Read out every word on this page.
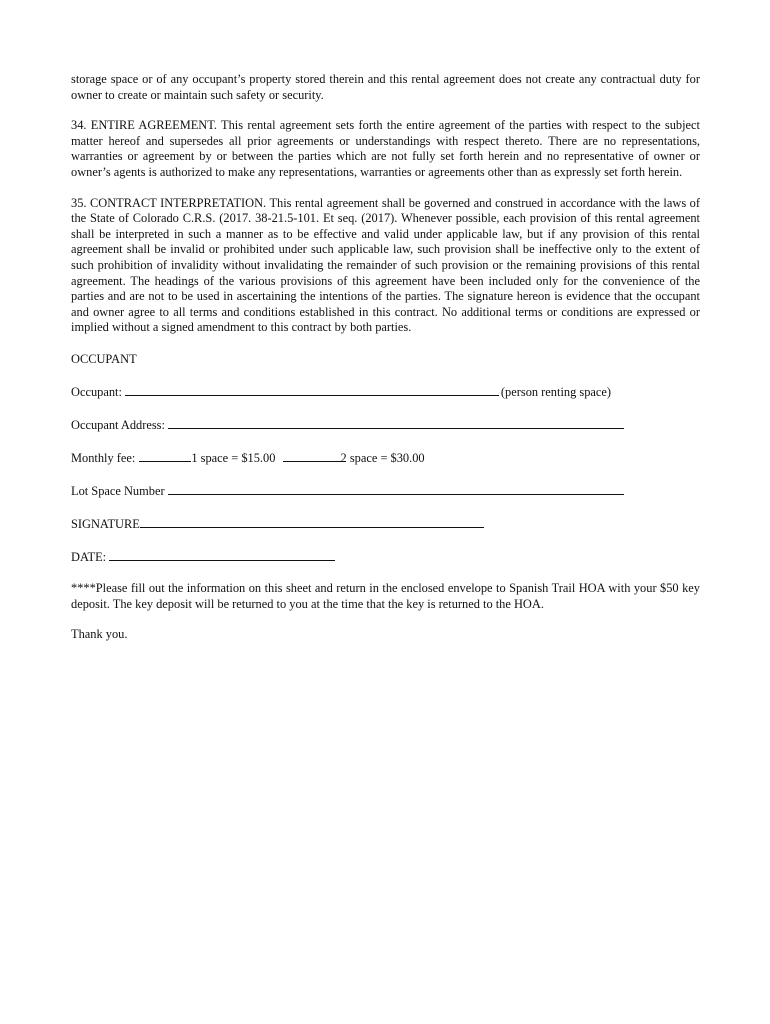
storage space or of any occupant’s property stored therein and this rental agreement does not create any contractual duty for owner to create or maintain such safety or security.

34. ENTIRE AGREEMENT. This rental agreement sets forth the entire agreement of the parties with respect to the subject matter hereof and supersedes all prior agreements or understandings with respect thereto. There are no representations, warranties or agreement by or between the parties which are not fully set forth herein and no representative of owner or owner’s agents is authorized to make any representations, warranties or agreements other than as expressly set forth herein.

35. CONTRACT INTERPRETATION. This rental agreement shall be governed and construed in accordance with the laws of the State of Colorado C.R.S. (2017. 38-21.5-101. Et seq. (2017). Whenever possible, each provision of this rental agreement shall be interpreted in such a manner as to be effective and valid under applicable law, but if any provision of this rental agreement shall be invalid or prohibited under such applicable law, such provision shall be ineffective only to the extent of such prohibition of invalidity without invalidating the remainder of such provision or the remaining provisions of this rental agreement. The headings of the various provisions of this agreement have been included only for the convenience of the parties and are not to be used in ascertaining the intentions of the parties. The signature hereon is evidence that the occupant and owner agree to all terms and conditions established in this contract. No additional terms or conditions are expressed or implied without a signed amendment to this contract by both parties.

OCCUPANT
Occupant:	(person renting space)
Occupant Address:
Monthly fee:	1 space = $15.00	2 space = $30.00
Lot Space Number
SIGNATURE
DATE:

****Please fill out the information on this sheet and return in the enclosed envelope to Spanish Trail HOA with your $50 key deposit. The key deposit will be returned to you at the time that the key is returned to the HOA.

Thank you.
